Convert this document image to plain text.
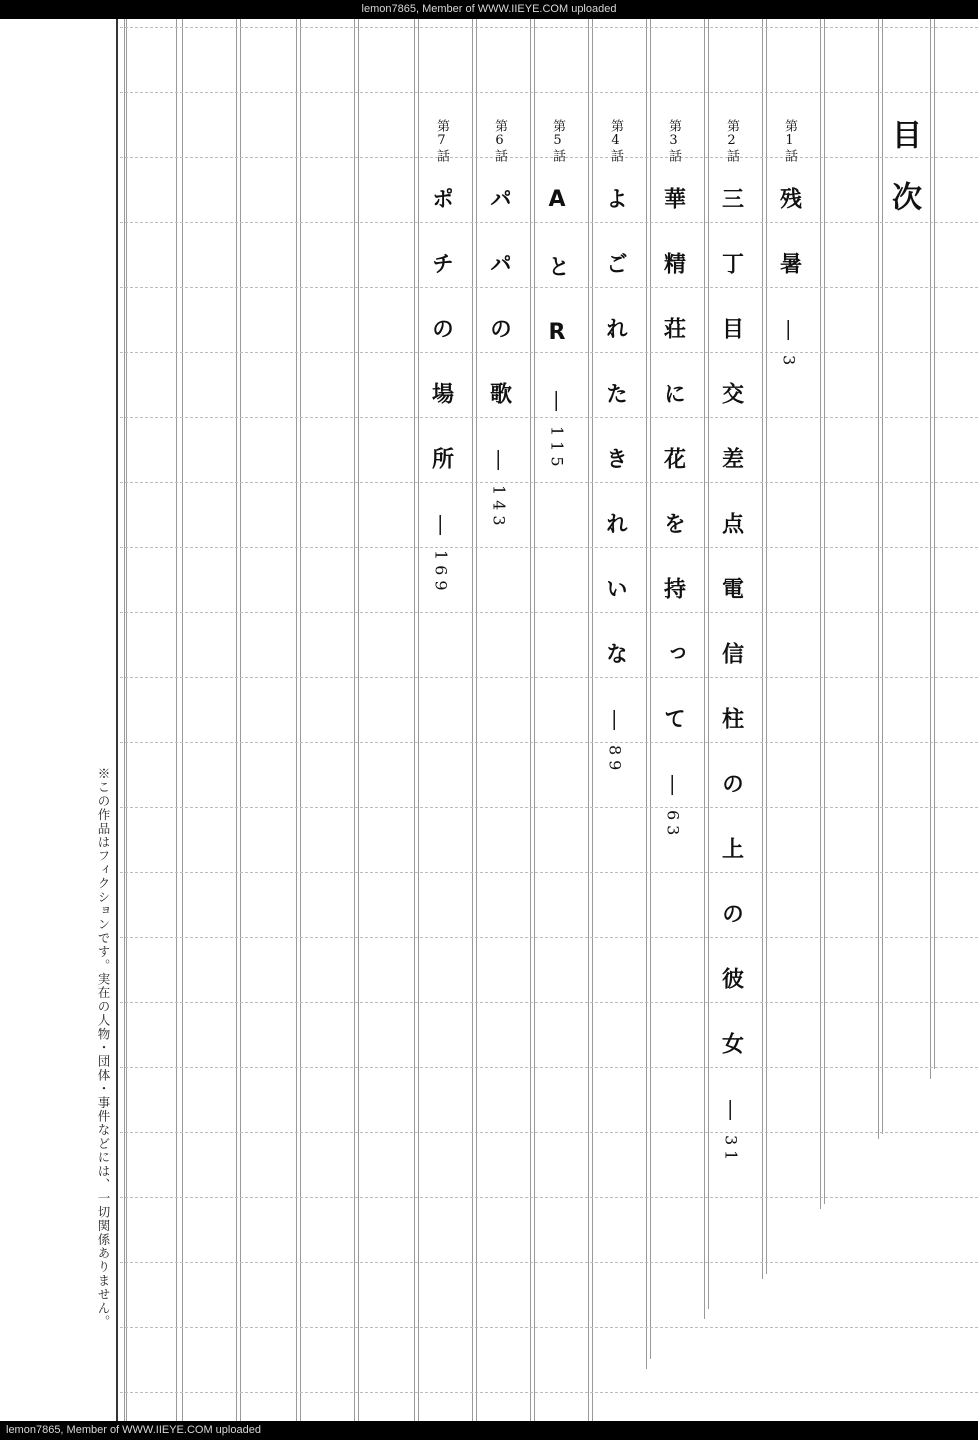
lemon7865, Member of WWW.IIEYE.COM uploaded
目次
第1話
残暑
—
3
第2話
三丁目交差点電信柱の上の彼女
—
31
第3話
華精荘に花を持って
—
63
第4話
よごれたきれいな
—
89
第5話
AとR
—
115
第6話
パパの歌
—
143
第7話
ポチの場所
—
169
※この作品はフィクションです。実在の人物・団体・事件などには、一切関係ありません。
lemon7865, Member of WWW.IIEYE.COM uploaded
